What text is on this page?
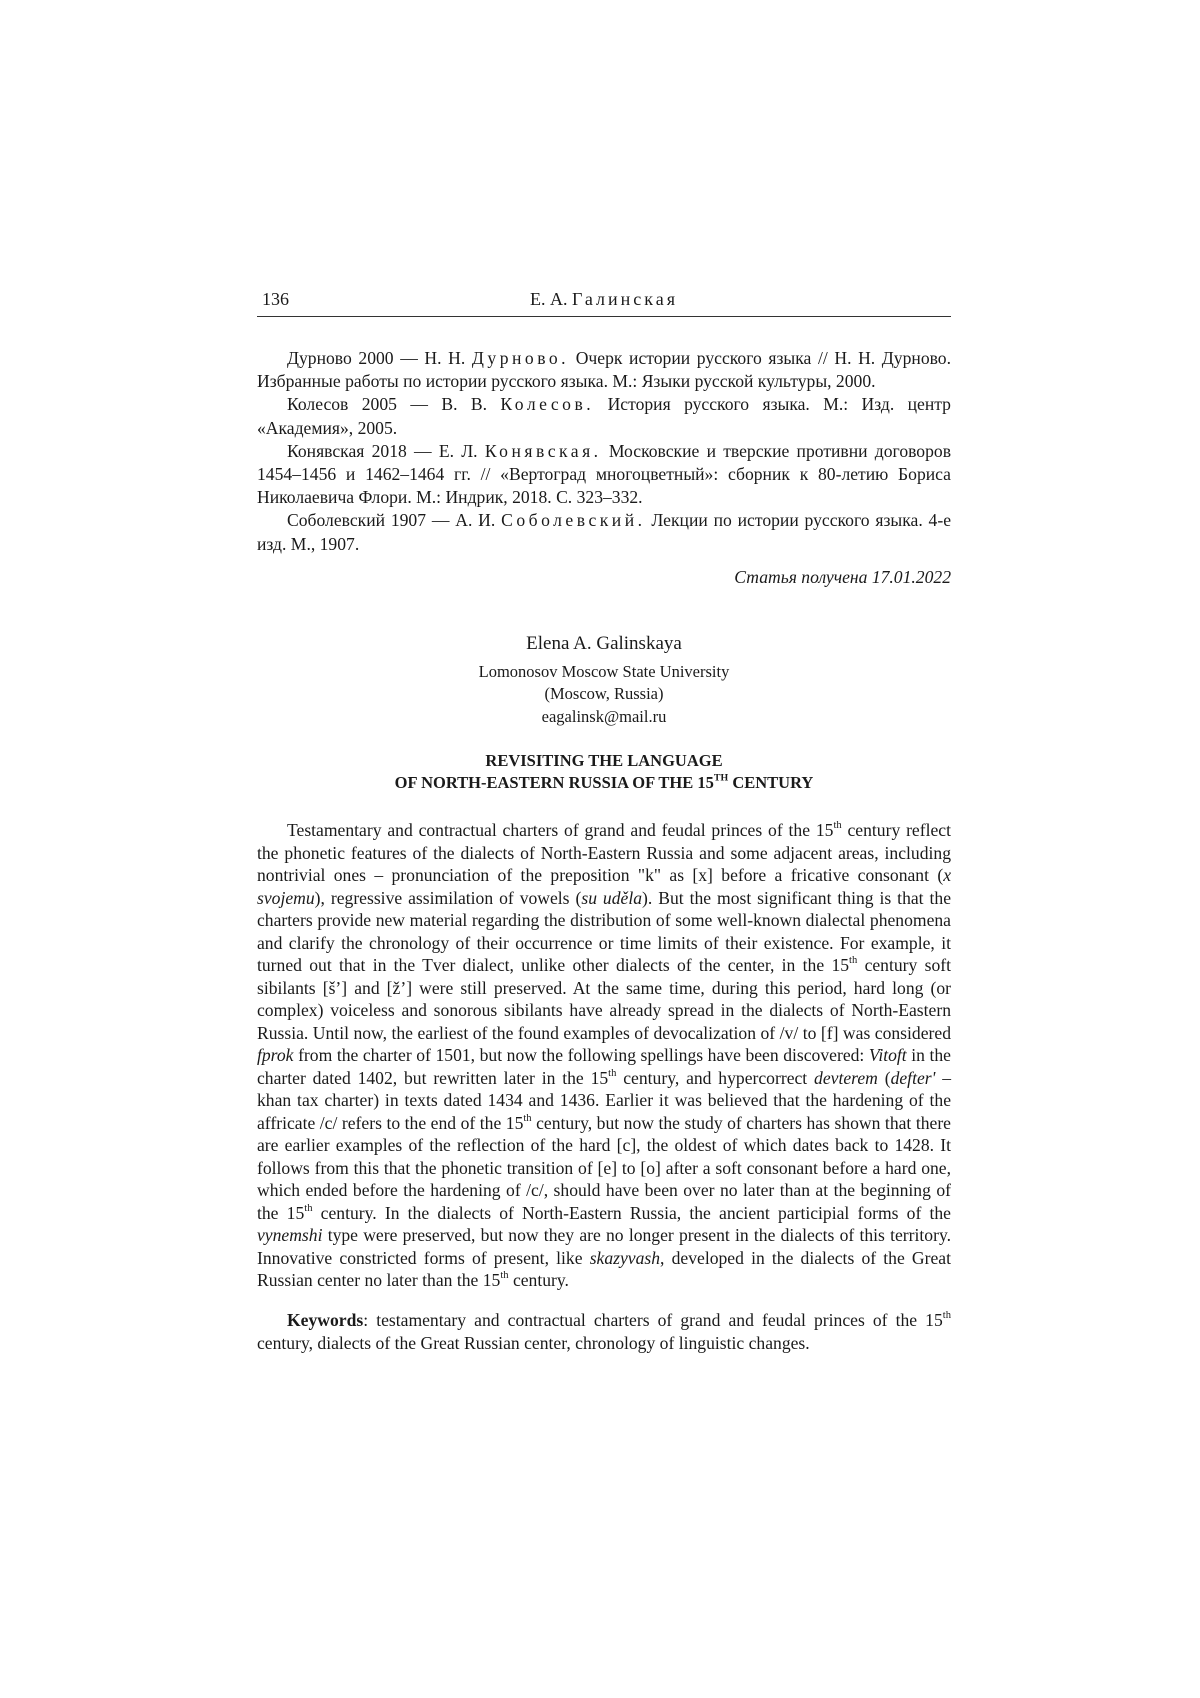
136	Е. А. Галинская

Дурново 2000 — Н. Н. Дурново. Очерк истории русского языка // Н. Н. Дурново. Избранные работы по истории русского языка. М.: Языки русской культуры, 2000.

Колесов 2005 — В. В. Колесов. История русского языка. М.: Изд. центр «Академия», 2005.

Конявская 2018 — Е. Л. Конявская. Московские и тверские противни договоров 1454–1456 и 1462–1464 гг. // «Вертоград многоцветный»: сборник к 80-летию Бориса Николаевича Флори. М.: Индрик, 2018. С. 323–332.

Соболевский 1907 — А. И. Соболевский. Лекции по истории русского языка. 4-е изд. М., 1907.

Статья получена 17.01.2022
Elena A. Galinskaya
Lomonosov Moscow State University
(Moscow, Russia)
eagalinsk@mail.ru
REVISITING THE LANGUAGE
OF NORTH-EASTERN RUSSIA OF THE 15TH CENTURY

Testamentary and contractual charters of grand and feudal princes of the 15th century reflect the phonetic features of the dialects of North-Eastern Russia and some adjacent areas, including nontrivial ones – pronunciation of the preposition "k" as [x] before a fricative consonant (x svojemu), regressive assimilation of vowels (su udělа). But the most significant thing is that the charters provide new material regarding the distribution of some well-known dialectal phenomena and clarify the chronology of their occurrence or time limits of their existence. For example, it turned out that in the Tver dialect, unlike other dialects of the center, in the 15th century soft sibilants [š’] and [ž’] were still preserved. At the same time, during this period, hard long (or complex) voiceless and sonorous sibilants have already spread in the dialects of North-Eastern Russia. Until now, the earliest of the found examples of devocalization of /v/ to [f] was considered fprok from the charter of 1501, but now the following spellings have been discovered: Vitoft in the charter dated 1402, but rewritten later in the 15th century, and hypercorrect devterem (defter' – khan tax charter) in texts dated 1434 and 1436. Earlier it was believed that the hardening of the affricate /c/ refers to the end of the 15th century, but now the study of charters has shown that there are earlier examples of the reflection of the hard [c], the oldest of which dates back to 1428. It follows from this that the phonetic transition of [e] to [o] after a soft consonant before a hard one, which ended before the hardening of /c/, should have been over no later than at the beginning of the 15th century. In the dialects of North-Eastern Russia, the ancient participial forms of the vynemshi type were preserved, but now they are no longer present in the dialects of this territory. Innovative constricted forms of present, like skazyvash, developed in the dialects of the Great Russian center no later than the 15th century.

Keywords: testamentary and contractual charters of grand and feudal princes of the 15th century, dialects of the Great Russian center, chronology of linguistic changes.
